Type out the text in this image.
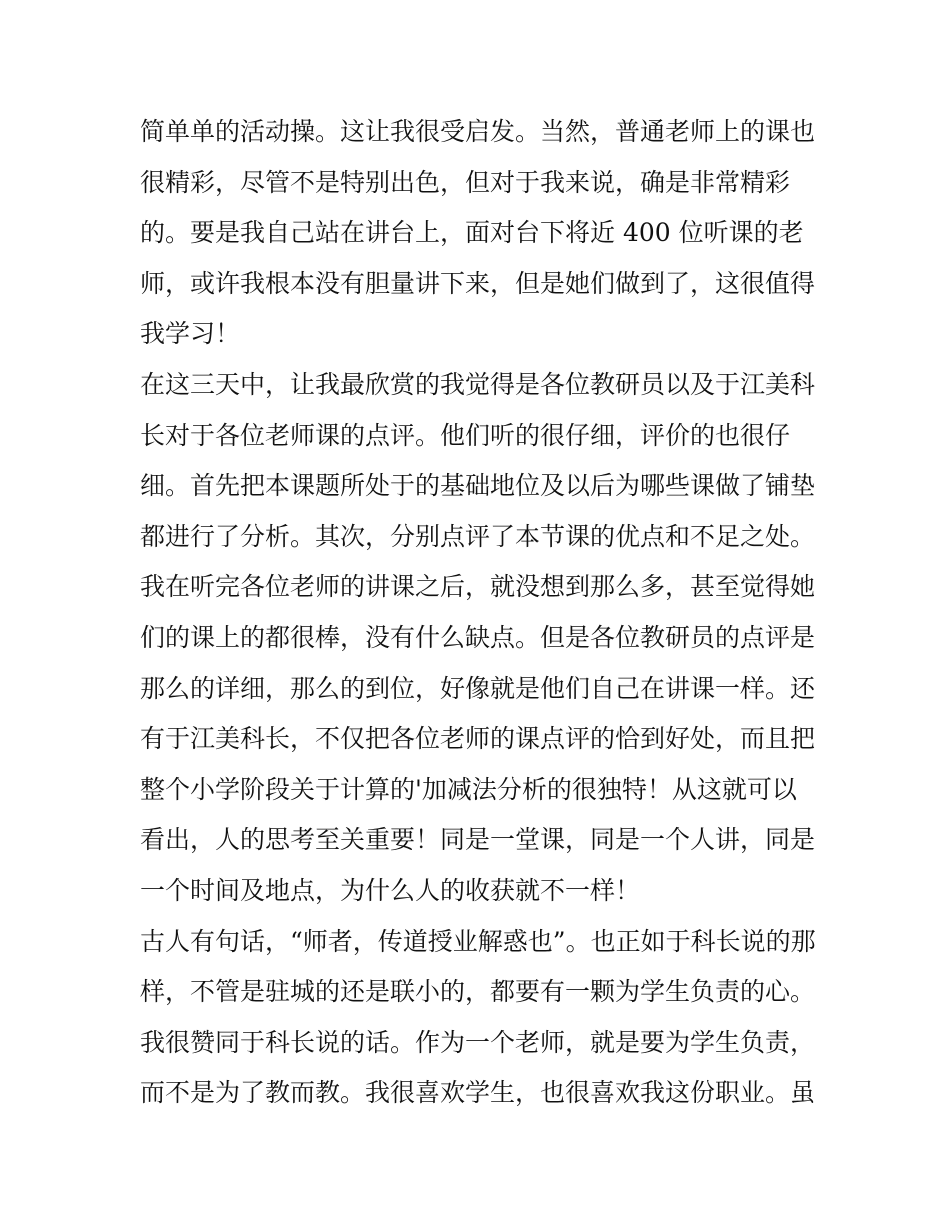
简单单的活动操。这让我很受启发。当然，普通老师上的课也
很精彩，尽管不是特别出色，但对于我来说，确是非常精彩
的。要是我自己站在讲台上，面对台下将近 400 位听课的老
师，或许我根本没有胆量讲下来，但是她们做到了，这很值得
我学习！
在这三天中，让我最欣赏的我觉得是各位教研员以及于江美科
长对于各位老师课的点评。他们听的很仔细，评价的也很仔
细。首先把本课题所处于的基础地位及以后为哪些课做了铺垫
都进行了分析。其次，分别点评了本节课的优点和不足之处。
我在听完各位老师的讲课之后，就没想到那么多，甚至觉得她
们的课上的都很棒，没有什么缺点。但是各位教研员的点评是
那么的详细，那么的到位，好像就是他们自己在讲课一样。还
有于江美科长，不仅把各位老师的课点评的恰到好处，而且把
整个小学阶段关于计算的'加减法分析的很独特！从这就可以
看出，人的思考至关重要！同是一堂课，同是一个人讲，同是
一个时间及地点，为什么人的收获就不一样！
古人有句话，“师者，传道授业解惑也”。也正如于科长说的那
样，不管是驻城的还是联小的，都要有一颗为学生负责的心。
我很赞同于科长说的话。作为一个老师，就是要为学生负责，
而不是为了教而教。我很喜欢学生，也很喜欢我这份职业。虽
